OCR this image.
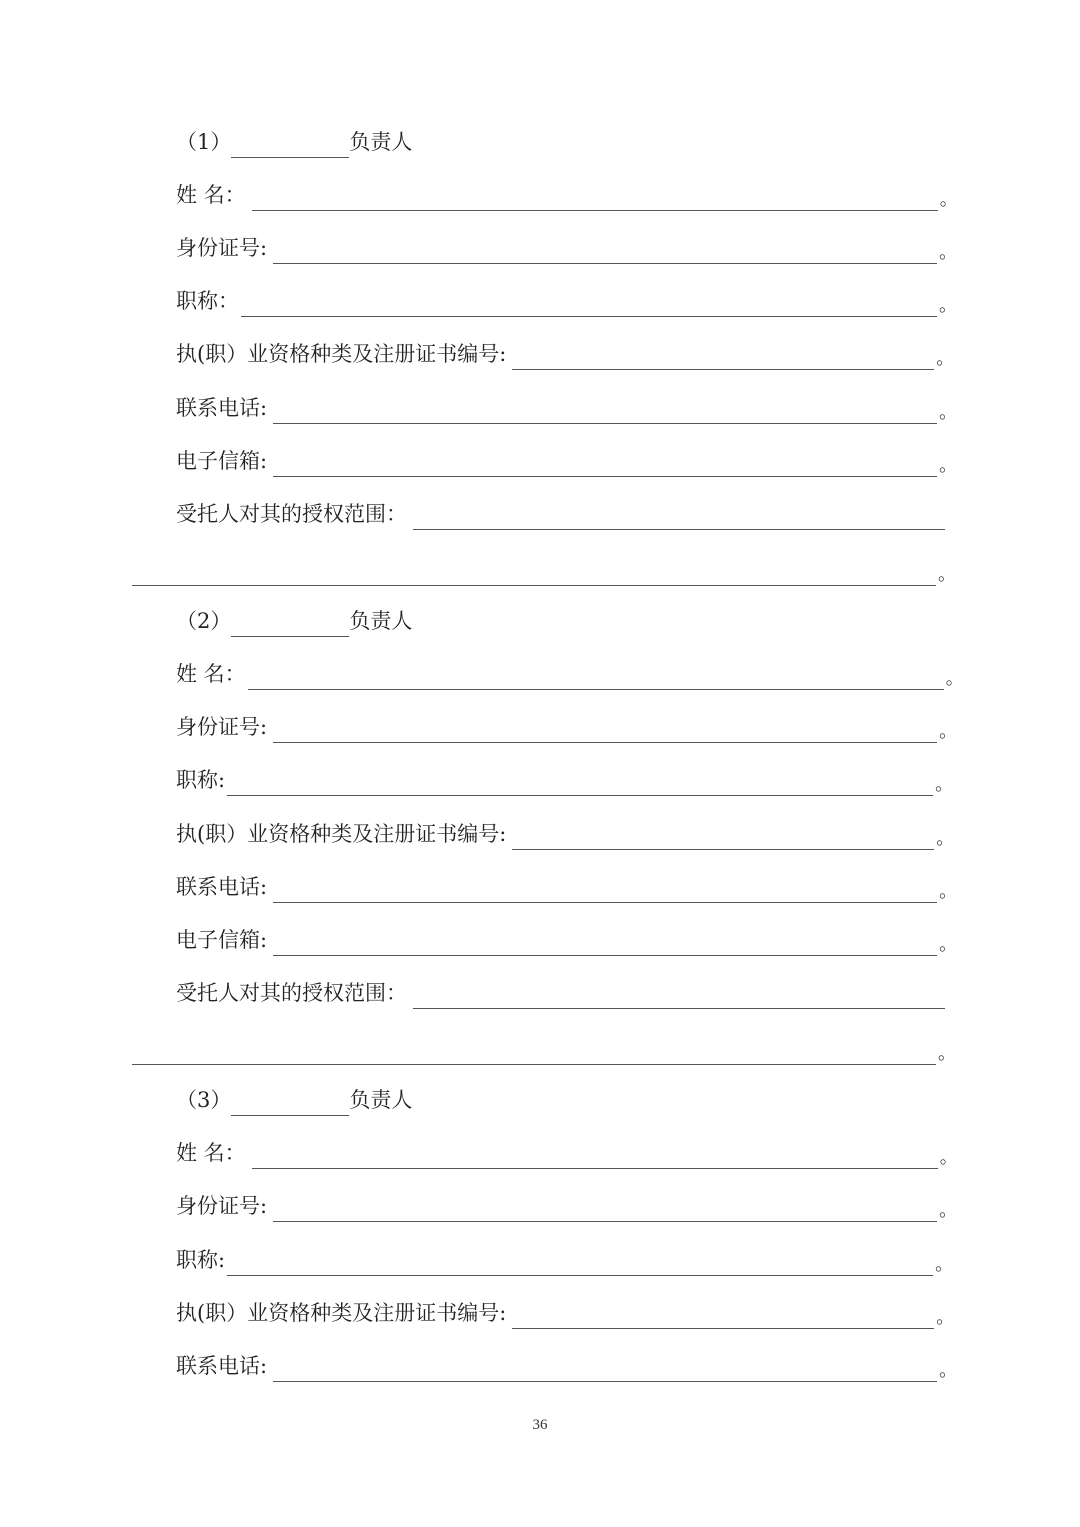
（1）	负责人
姓 名：	。
身份证号:	。
职称：	。
执(职）业资格种类及注册证书编号:	。
联系电话:	。
电子信箱:	。
受托人对其的授权范围：
。
（2）	负责人
姓 名：	。
身份证号:	。
职称:	。
执(职）业资格种类及注册证书编号:	。
联系电话:	。
电子信箱:	。
受托人对其的授权范围：
。
（3）	负责人
姓 名：	。
身份证号:	。
职称:	。
执(职）业资格种类及注册证书编号:	。
联系电话:	。
36
